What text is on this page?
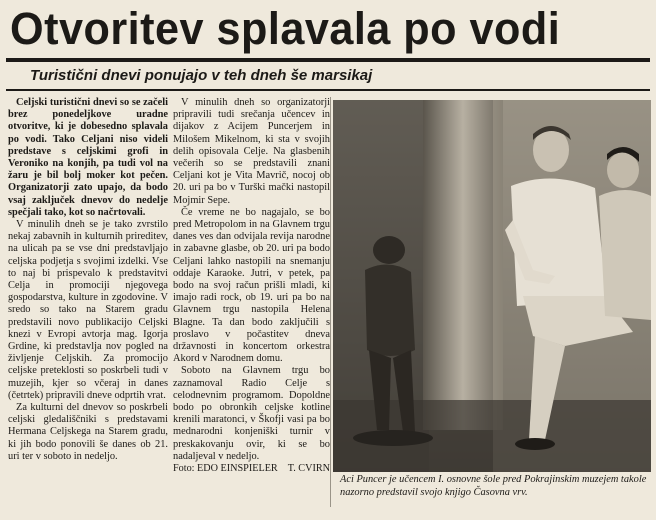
Otvoritev splavala po vodi
Turistični dnevi ponujajo v teh dneh še marsikaj

Celjski turistični dnevi so se začeli brez ponedeljkove uradne otvoritve, ki je dobesedno splavala po vodi. Tako Celjani niso videli predstave s celjskimi grofi in Veroniko na konjih, pa tudi vol na žaru je bil bolj moker kot pečen. Organizatorji zato upajo, da bodo vsaj zaključek dnevov do nedelje spečjali tako, kot so načrtovali.

V minulih dneh se je tako zvrstilo nekaj zabavnih in kulturnih prireditev, na ulicah pa se vse dni predstavljajo celjska podjetja s svojimi izdelki. Vse to naj bi prispevalo k predstavitvi Celja in promociji njegovega gospodarstva, kulture in zgodovine. V sredo so tako na Starem gradu predstavili novo publikacijo Celjski knezi v Evropi avtorja mag. Igorja Grdine, ki predstavlja nov pogled na življenje Celjskih. Za promocijo celjske preteklosti so poskrbeli tudi v muzejih, kjer so včeraj in danes (četrtek) pripravili dneve odprtih vrat.

Za kulturni del dnevov so poskrbeli celjski gledališčniki s predstavami Hermana Celjskega na Starem gradu, ki jih bodo ponovili še danes ob 21. uri ter v soboto in nedeljo.

V minulih dneh so organizatorji pripravili tudi srečanja učencev in dijakov z Acijem Puncerjem in Milošem Mikelnom, ki sta v svojih delih opisovala Celje. Na glasbenih večerih so se predstavili znani Celjani kot je Vita Mavrič, nocoj ob 20. uri pa bo v Turški mački nastopil Mojmir Sepe.

Če vreme ne bo nagajalo, se bo pred Metropolom in na Glavnem trgu danes ves dan odvijala revija narodne in zabavne glasbe, ob 20. uri pa bodo Celjani lahko nastopili na snemanju oddaje Karaoke. Jutri, v petek, pa bodo na svoj račun prišli mladi, ki imajo radi rock, ob 19. uri pa bo na Glavnem trgu nastopila Helena Blagne. Ta dan bodo zaključili s proslavo v počastitev dneva državnosti in koncertom orkestra Akord v Narodnem domu.

Soboto na Glavnem trgu bo zaznamoval Radio Celje s celodnevnim programom. Dopoldne bodo po obronkih celjske kotline krenili maratonci, v Škofji vasi pa bo mednarodni konjeniški turnir v preskakovanju ovir, ki se bo nadaljeval v nedeljo.

Foto: EDO EINSPIELER T. CVIRN
Aci Puncer je učencem I. osnovne šole pred Pokrajinskim muzejem takole nazorno predstavil svojo knjigo Časovna vrv.
